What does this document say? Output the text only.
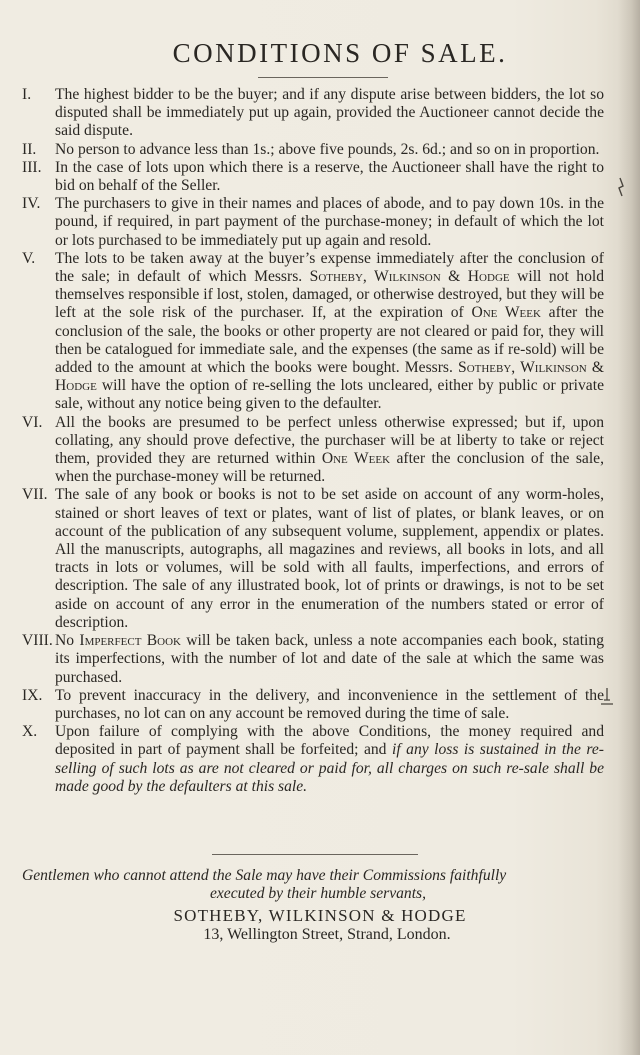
CONDITIONS OF SALE.
I. The highest bidder to be the buyer; and if any dispute arise between bidders, the lot so disputed shall be immediately put up again, provided the Auctioneer cannot decide the said dispute.
II. No person to advance less than 1s.; above five pounds, 2s. 6d.; and so on in proportion.
III. In the case of lots upon which there is a reserve, the Auctioneer shall have the right to bid on behalf of the Seller.
IV. The purchasers to give in their names and places of abode, and to pay down 10s. in the pound, if required, in part payment of the purchase-money; in default of which the lot or lots purchased to be immediately put up again and resold.
V. The lots to be taken away at the buyer’s expense immediately after the conclusion of the sale; in default of which Messrs. Sotheby, Wilkinson & Hodge will not hold themselves responsible if lost, stolen, damaged, or otherwise destroyed, but they will be left at the sole risk of the purchaser. If, at the expiration of One Week after the conclusion of the sale, the books or other property are not cleared or paid for, they will then be catalogued for immediate sale, and the expenses (the same as if re-sold) will be added to the amount at which the books were bought. Messrs. Sotheby, Wilkinson & Hodge will have the option of re-selling the lots uncleared, either by public or private sale, without any notice being given to the defaulter.
VI. All the books are presumed to be perfect unless otherwise expressed; but if, upon collating, any should prove defective, the purchaser will be at liberty to take or reject them, provided they are returned within One Week after the conclusion of the sale, when the purchase-money will be returned.
VII. The sale of any book or books is not to be set aside on account of any worm-holes, stained or short leaves of text or plates, want of list of plates, or blank leaves, or on account of the publication of any subsequent volume, supplement, appendix or plates. All the manuscripts, autographs, all magazines and reviews, all books in lots, and all tracts in lots or volumes, will be sold with all faults, imperfections, and errors of description. The sale of any illustrated book, lot of prints or drawings, is not to be set aside on account of any error in the enumeration of the numbers stated or error of description.
VIII. No Imperfect Book will be taken back, unless a note accompanies each book, stating its imperfections, with the number of lot and date of the sale at which the same was purchased.
IX. To prevent inaccuracy in the delivery, and inconvenience in the settlement of the purchases, no lot can on any account be removed during the time of sale.
X. Upon failure of complying with the above Conditions, the money required and deposited in part of payment shall be forfeited; and if any loss is sustained in the re-selling of such lots as are not cleared or paid for, all charges on such re-sale shall be made good by the defaulters at this sale.
Gentlemen who cannot attend the Sale may have their Commissions faithfully
executed by their humble servants,
SOTHEBY, WILKINSON & HODGE
13, Wellington Street, Strand, London.
